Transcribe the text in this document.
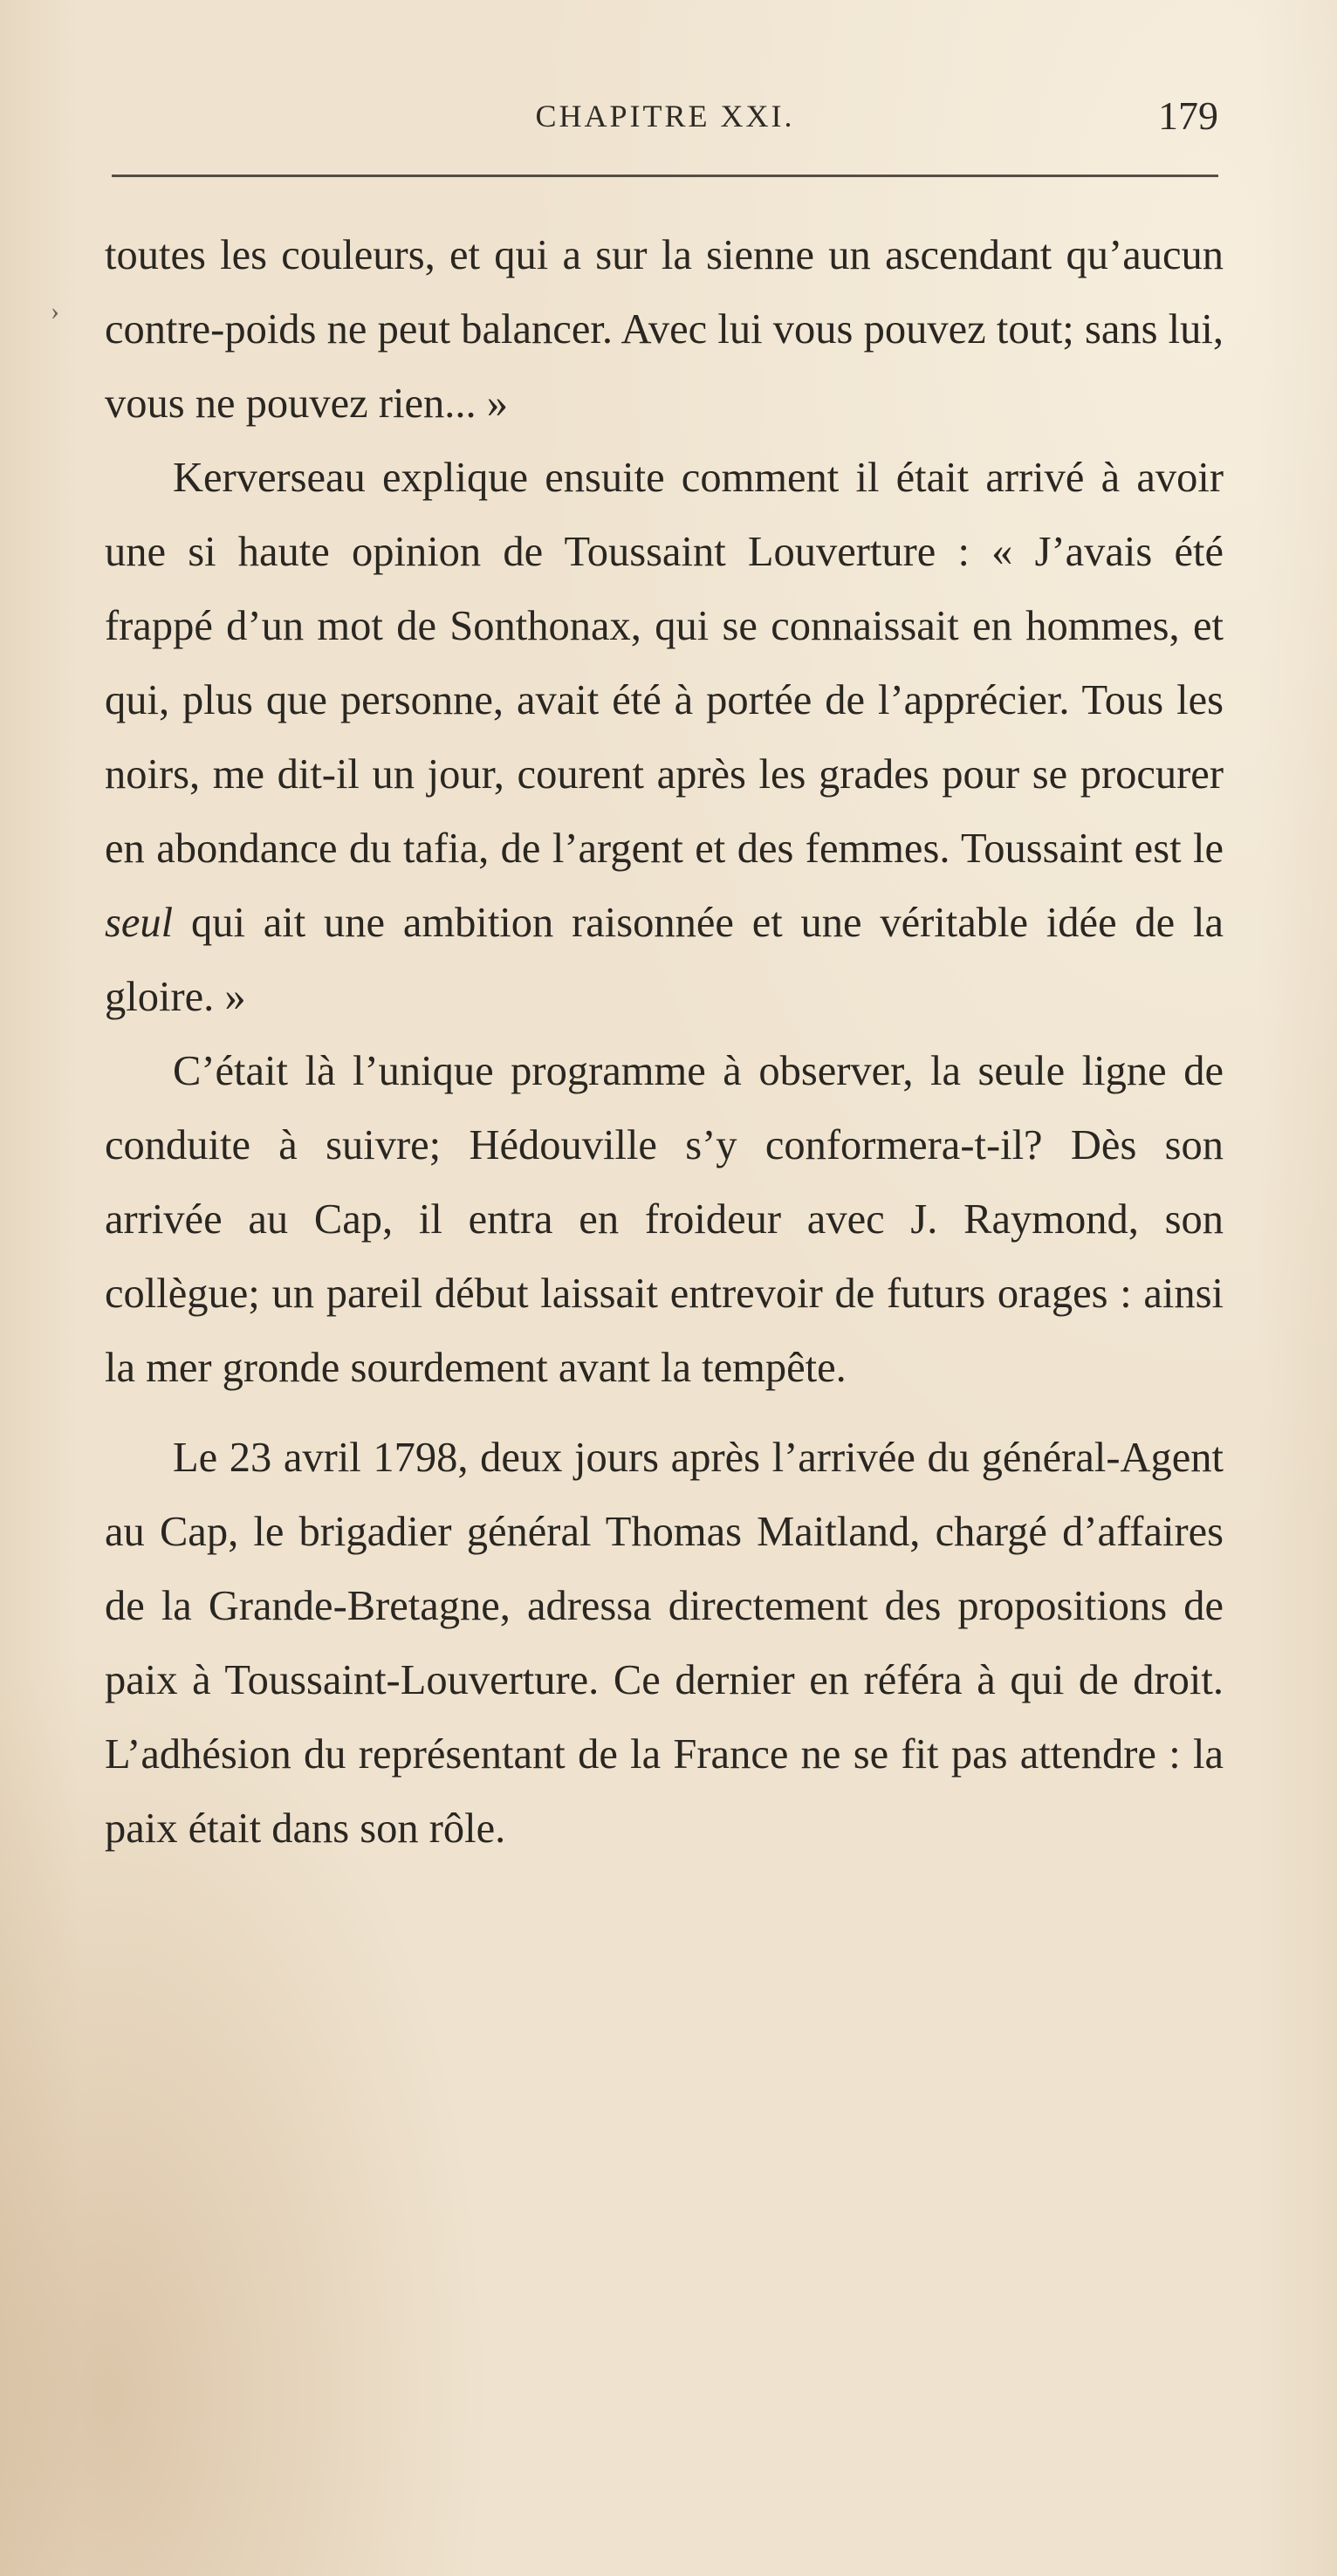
CHAPITRE XXI.	179
›

toutes les couleurs, et qui a sur la sienne un ascendant qu’aucun contre-poids ne peut balancer. Avec lui vous pouvez tout; sans lui, vous ne pouvez rien... »

Kerverseau explique ensuite comment il était arrivé à avoir une si haute opinion de Toussaint Louverture : « J’avais été frappé d’un mot de Sonthonax, qui se connaissait en hommes, et qui, plus que personne, avait été à portée de l’apprécier. Tous les noirs, me dit-il un jour, courent après les grades pour se procurer en abondance du tafia, de l’argent et des femmes. Toussaint est le seul qui ait une ambition raisonnée et une véritable idée de la gloire. »

C’était là l’unique programme à observer, la seule ligne de conduite à suivre; Hédouville s’y conformera-t-il? Dès son arrivée au Cap, il entra en froideur avec J. Raymond, son collègue; un pareil début laissait entrevoir de futurs orages : ainsi la mer gronde sourdement avant la tempête.

Le 23 avril 1798, deux jours après l’arrivée du général-Agent au Cap, le brigadier général Thomas Maitland, chargé d’affaires de la Grande-Bretagne, adressa directement des propositions de paix à Toussaint-Louverture. Ce dernier en référa à qui de droit. L’adhésion du représentant de la France ne se fit pas attendre : la paix était dans son rôle.
